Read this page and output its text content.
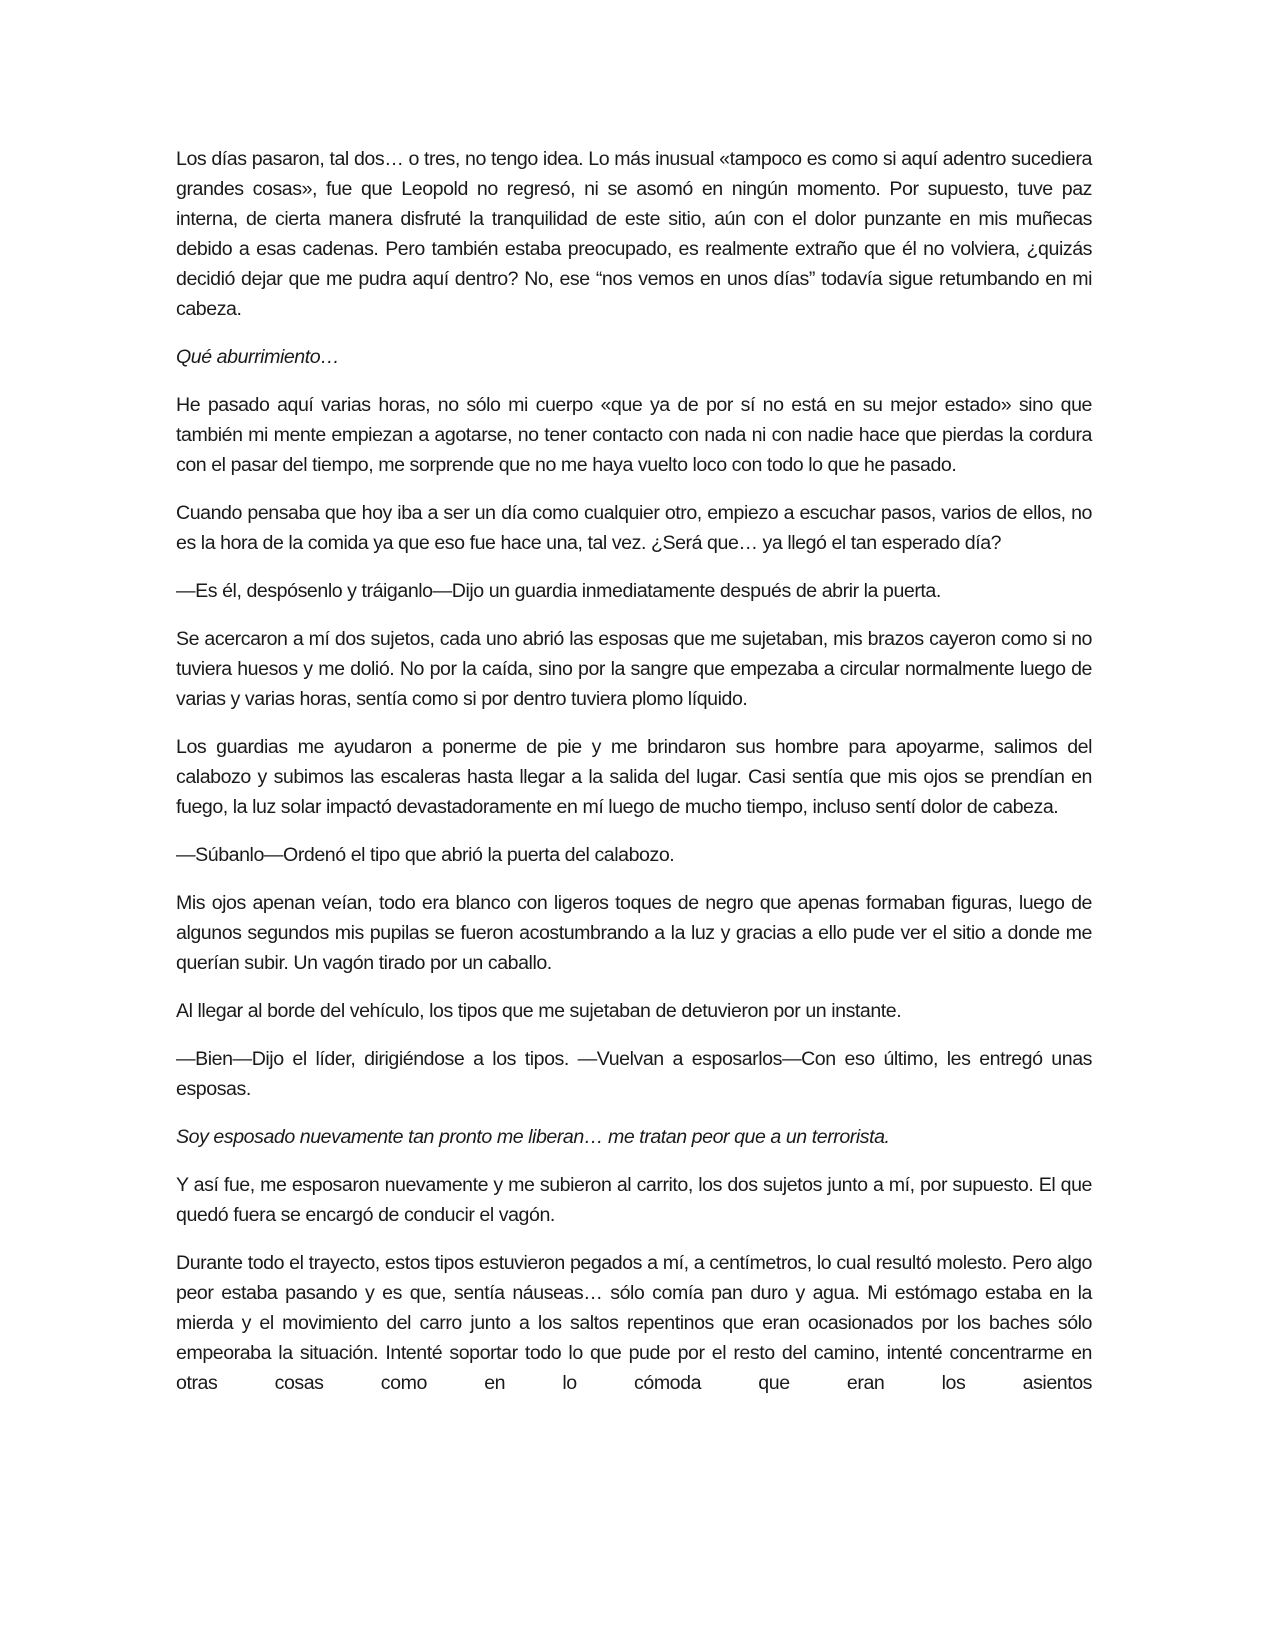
Los días pasaron, tal dos… o tres, no tengo idea. Lo más inusual «tampoco es como si aquí adentro sucediera grandes cosas», fue que Leopold no regresó, ni se asomó en ningún momento. Por supuesto, tuve paz interna, de cierta manera disfruté la tranquilidad de este sitio, aún con el dolor punzante en mis muñecas debido a esas cadenas. Pero también estaba preocupado, es realmente extraño que él no volviera, ¿quizás decidió dejar que me pudra aquí dentro? No, ese “nos vemos en unos días” todavía sigue retumbando en mi cabeza.

Qué aburrimiento…

He pasado aquí varias horas, no sólo mi cuerpo «que ya de por sí no está en su mejor estado» sino que también mi mente empiezan a agotarse, no tener contacto con nada ni con nadie hace que pierdas la cordura con el pasar del tiempo, me sorprende que no me haya vuelto loco con todo lo que he pasado.

Cuando pensaba que hoy iba a ser un día como cualquier otro, empiezo a escuchar pasos, varios de ellos, no es la hora de la comida ya que eso fue hace una, tal vez. ¿Será que… ya llegó el tan esperado día?

—Es él, despósenlo y tráiganlo—Dijo un guardia inmediatamente después de abrir la puerta.

Se acercaron a mí dos sujetos, cada uno abrió las esposas que me sujetaban, mis brazos cayeron como si no tuviera huesos y me dolió. No por la caída, sino por la sangre que empezaba a circular normalmente luego de varias y varias horas, sentía como si por dentro tuviera plomo líquido.

Los guardias me ayudaron a ponerme de pie y me brindaron sus hombre para apoyarme, salimos del calabozo y subimos las escaleras hasta llegar a la salida del lugar. Casi sentía que mis ojos se prendían en fuego, la luz solar impactó devastadoramente en mí luego de mucho tiempo, incluso sentí dolor de cabeza.

—Súbanlo—Ordenó el tipo que abrió la puerta del calabozo.

Mis ojos apenan veían, todo era blanco con ligeros toques de negro que apenas formaban figuras, luego de algunos segundos mis pupilas se fueron acostumbrando a la luz y gracias a ello pude ver el sitio a donde me querían subir. Un vagón tirado por un caballo.

Al llegar al borde del vehículo, los tipos que me sujetaban de detuvieron por un instante.

—Bien—Dijo el líder, dirigiéndose a los tipos. —Vuelvan a esposarlos—Con eso último, les entregó unas esposas.

Soy esposado nuevamente tan pronto me liberan… me tratan peor que a un terrorista.

Y así fue, me esposaron nuevamente y me subieron al carrito, los dos sujetos junto a mí, por supuesto. El que quedó fuera se encargó de conducir el vagón.

Durante todo el trayecto, estos tipos estuvieron pegados a mí, a centímetros, lo cual resultó molesto. Pero algo peor estaba pasando y es que, sentía náuseas… sólo comía pan duro y agua. Mi estómago estaba en la mierda y el movimiento del carro junto a los saltos repentinos que eran ocasionados por los baches sólo empeoraba la situación. Intenté soportar todo lo que pude por el resto del camino, intenté concentrarme en otras cosas como en lo cómoda que eran los asientos
